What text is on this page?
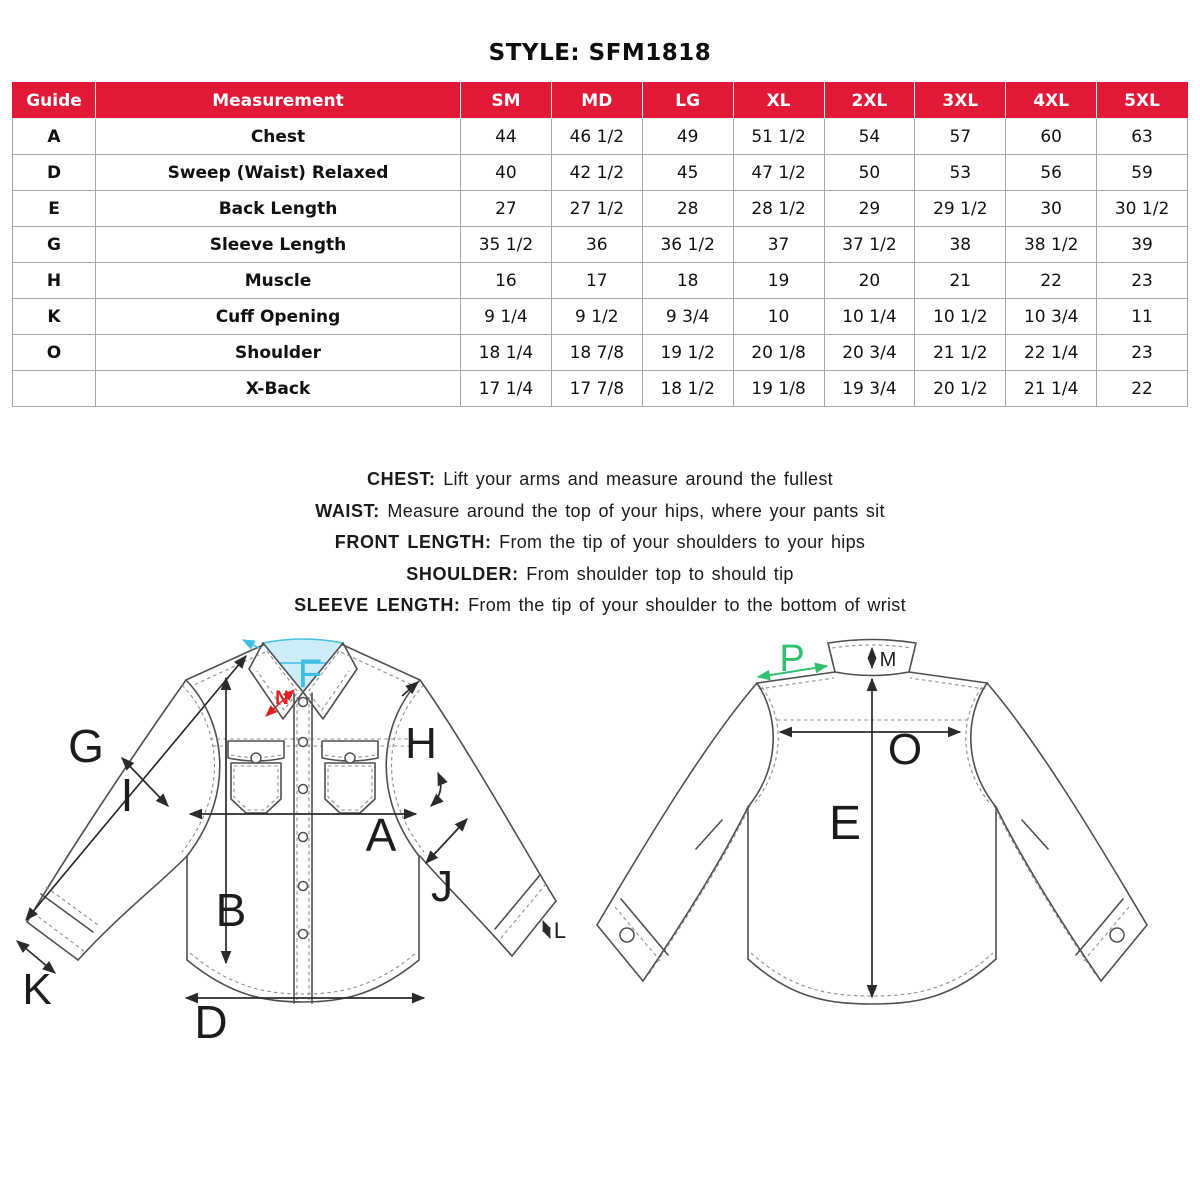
STYLE: SFM1818
Guide	Measurement	SM	MD	LG	XL	2XL	3XL	4XL	5XL
A	Chest	44	46 1/2	49	51 1/2	54	57	60	63
D	Sweep (Waist) Relaxed	40	42 1/2	45	47 1/2	50	53	56	59
E	Back Length	27	27 1/2	28	28 1/2	29	29 1/2	30	30 1/2
G	Sleeve Length	35 1/2	36	36 1/2	37	37 1/2	38	38 1/2	39
H	Muscle	16	17	18	19	20	21	22	23
K	Cuff Opening	9 1/4	9 1/2	9 3/4	10	10 1/4	10 1/2	10 3/4	11
O	Shoulder	18 1/4	18 7/8	19 1/2	20 1/8	20 3/4	21 1/2	22 1/4	23
	X-Back	17 1/4	17 7/8	18 1/2	19 1/8	19 3/4	20 1/2	21 1/4	22
CHEST: Lift your arms and measure around the fullest
WAIST: Measure around the top of your hips, where your pants sit
FRONT LENGTH: From the tip of your shoulders to your hips
SHOULDER: From shoulder top to should tip
SLEEVE LENGTH: From the tip of your shoulder to the bottom of wrist
G
I
F
N
H
A
B	J
K
L
D
M
P
O
E
